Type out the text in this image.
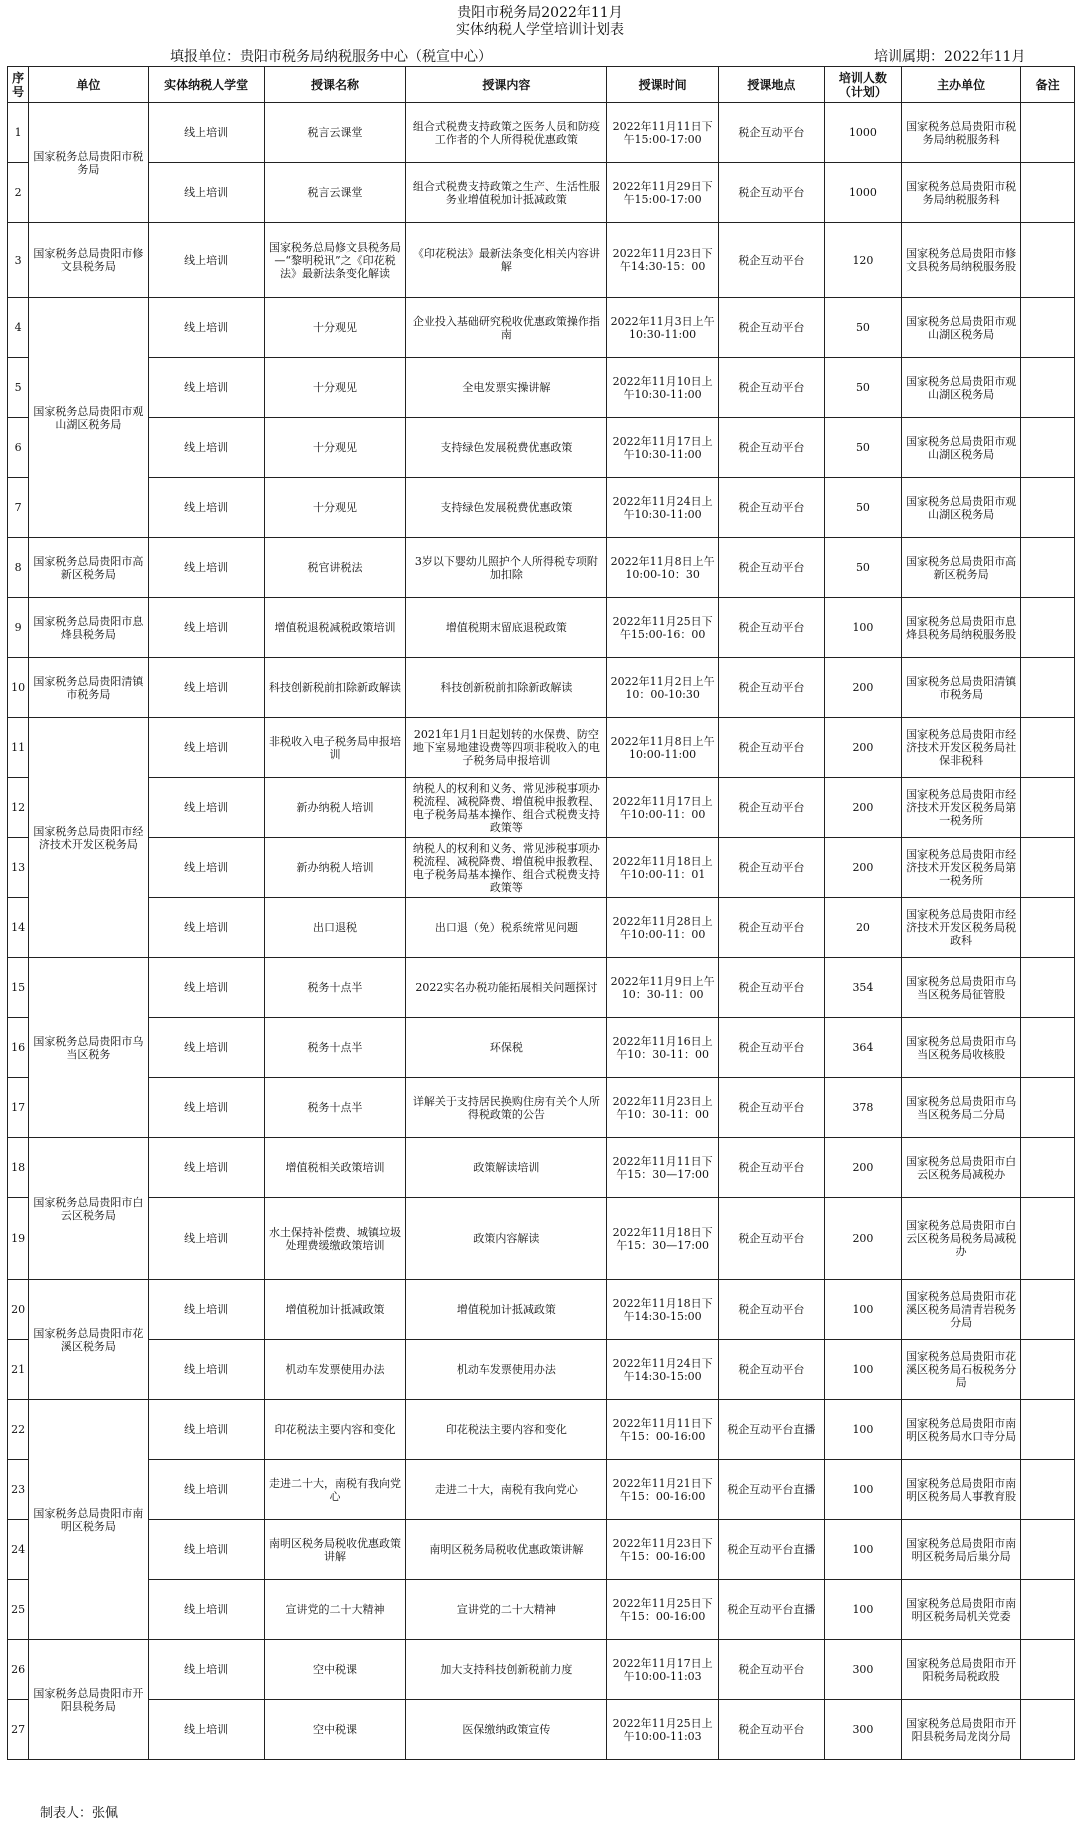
贵阳市税务局2022年11月
实体纳税人学堂培训计划表
填报单位：贵阳市税务局纳税服务中心（税宣中心）	培训属期：2022年11月
序号	单位	实体纳税人学堂	授课名称	授课内容	授课时间	授课地点	培训人数（计划）	主办单位	备注
1	国家税务总局贵阳市税务局	线上培训	税言云课堂	组合式税费支持政策之医务人员和防疫工作者的个人所得税优惠政策	2022年11月11日下午15:00-17:00	税企互动平台	1000	国家税务总局贵阳市税务局纳税服务科	
2		线上培训	税言云课堂	组合式税费支持政策之生产、生活性服务业增值税加计抵减政策	2022年11月29日下午15:00-17:00	税企互动平台	1000	国家税务总局贵阳市税务局纳税服务科	
3	国家税务总局贵阳市修文县税务局	线上培训	国家税务总局修文县税务局—“黎明税讯”之《印花税法》最新法条变化解读	《印花税法》最新法条变化相关内容讲解	2022年11月23日下午14:30-15：00	税企互动平台	120	国家税务总局贵阳市修文县税务局纳税服务股	
4	国家税务总局贵阳市观山湖区税务局	线上培训	十分观见	企业投入基础研究税收优惠政策操作指南	2022年11月3日上午10:30-11:00	税企互动平台	50	国家税务总局贵阳市观山湖区税务局	
5		线上培训	十分观见	全电发票实操讲解	2022年11月10日上午10:30-11:00	税企互动平台	50	国家税务总局贵阳市观山湖区税务局	
6		线上培训	十分观见	支持绿色发展税费优惠政策	2022年11月17日上午10:30-11:00	税企互动平台	50	国家税务总局贵阳市观山湖区税务局	
7		线上培训	十分观见	支持绿色发展税费优惠政策	2022年11月24日上午10:30-11:00	税企互动平台	50	国家税务总局贵阳市观山湖区税务局	
8	国家税务总局贵阳市高新区税务局	线上培训	税官讲税法	3岁以下婴幼儿照护个人所得税专项附加扣除	2022年11月8日上午10:00-10：30	税企互动平台	50	国家税务总局贵阳市高新区税务局	
9	国家税务总局贵阳市息烽县税务局	线上培训	增值税退税减税政策培训	增值税期末留底退税政策	2022年11月25日下午15:00-16：00	税企互动平台	100	国家税务总局贵阳市息烽县税务局纳税服务股	
10	国家税务总局贵阳清镇市税务局	线上培训	科技创新税前扣除新政解读	科技创新税前扣除新政解读	2022年11月2日上午10：00-10:30	税企互动平台	200	国家税务总局贵阳清镇市税务局	
11	国家税务总局贵阳市经济技术开发区税务局	线上培训	非税收入电子税务局申报培训	2021年1月1日起划转的水保费、防空地下室易地建设费等四项非税收入的电子税务局申报培训	2022年11月8日上午10:00-11:00	税企互动平台	200	国家税务总局贵阳市经济技术开发区税务局社保非税科	
12		线上培训	新办纳税人培训	纳税人的权利和义务、常见涉税事项办税流程、减税降费、增值税申报教程、电子税务局基本操作、组合式税费支持政策等	2022年11月17日上午10:00-11：00	税企互动平台	200	国家税务总局贵阳市经济技术开发区税务局第一税务所	
13		线上培训	新办纳税人培训	纳税人的权利和义务、常见涉税事项办税流程、减税降费、增值税申报教程、电子税务局基本操作、组合式税费支持政策等	2022年11月18日上午10:00-11：01	税企互动平台	200	国家税务总局贵阳市经济技术开发区税务局第一税务所	
14		线上培训	出口退税	出口退（免）税系统常见问题	2022年11月28日上午10:00-11：00	税企互动平台	20	国家税务总局贵阳市经济技术开发区税务局税政科	
15	国家税务总局贵阳市乌当区税务	线上培训	税务十点半	2022实名办税功能拓展相关问题探讨	2022年11月9日上午10：30-11：00	税企互动平台	354	国家税务总局贵阳市乌当区税务局征管股	
16		线上培训	税务十点半	环保税	2022年11月16日上午10：30-11：00	税企互动平台	364	国家税务总局贵阳市乌当区税务局收核股	
17		线上培训	税务十点半	详解关于支持居民换购住房有关个人所得税政策的公告	2022年11月23日上午10：30-11：00	税企互动平台	378	国家税务总局贵阳市乌当区税务局二分局	
18	国家税务总局贵阳市白云区税务局	线上培训	增值税相关政策培训	政策解读培训	2022年11月11日下午15：30—17:00	税企互动平台	200	国家税务总局贵阳市白云区税务局减税办	
19		线上培训	水土保持补偿费、城镇垃圾处理费缓缴政策培训	政策内容解读	2022年11月18日下午15：30—17:00	税企互动平台	200	国家税务总局贵阳市白云区税务局税务局减税办	
20	国家税务总局贵阳市花溪区税务局	线上培训	增值税加计抵减政策	增值税加计抵减政策	2022年11月18日下午14:30-15:00	税企互动平台	100	国家税务总局贵阳市花溪区税务局清青岩税务分局	
21		线上培训	机动车发票使用办法	机动车发票使用办法	2022年11月24日下午14:30-15:00	税企互动平台	100	国家税务总局贵阳市花溪区税务局石板税务分局	
22	国家税务总局贵阳市南明区税务局	线上培训	印花税法主要内容和变化	印花税法主要内容和变化	2022年11月11日下午15：00-16:00	税企互动平台直播	100	国家税务总局贵阳市南明区税务局水口寺分局	
23		线上培训	走进二十大，南税有我向党心	走进二十大，南税有我向党心	2022年11月21日下午15：00-16:00	税企互动平台直播	100	国家税务总局贵阳市南明区税务局人事教育股	
24		线上培训	南明区税务局税收优惠政策讲解	南明区税务局税收优惠政策讲解	2022年11月23日下午15：00-16:00	税企互动平台直播	100	国家税务总局贵阳市南明区税务局后巢分局	
25		线上培训	宣讲党的二十大精神	宣讲党的二十大精神	2022年11月25日下午15：00-16:00	税企互动平台直播	100	国家税务总局贵阳市南明区税务局机关党委	
26	国家税务总局贵阳市开阳县税务局	线上培训	空中税课	加大支持科技创新税前力度	2022年11月17日上午10:00-11:03	税企互动平台	300	国家税务总局贵阳市开阳税务局税政股	
27		线上培训	空中税课	医保缴纳政策宣传	2022年11月25日上午10:00-11:03	税企互动平台	300	国家税务总局贵阳市开阳县税务局龙岗分局	
制表人：张佩
